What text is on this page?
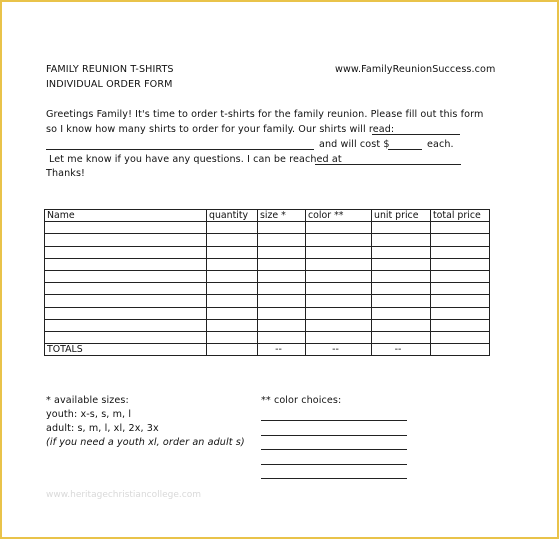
FAMILY REUNION T-SHIRTS
INDIVIDUAL ORDER FORM
www.FamilyReunionSuccess.com
Greetings Family! It's time to order t-shirts for the family reunion. Please fill out this form
so I know how many shirts to order for your family. Our shirts will read:
and will cost $	each.
Let me know if you have any questions. I can be reached at
Thanks!
Name	quantity	size *	color **	unit price	total price

TOTALS		--	--	--	
* available sizes:
youth: x-s, s, m, l
adult: s, m, l, xl, 2x, 3x
(if you need a youth xl, order an adult s)
** color choices:
www.heritagechristiancollege.com
